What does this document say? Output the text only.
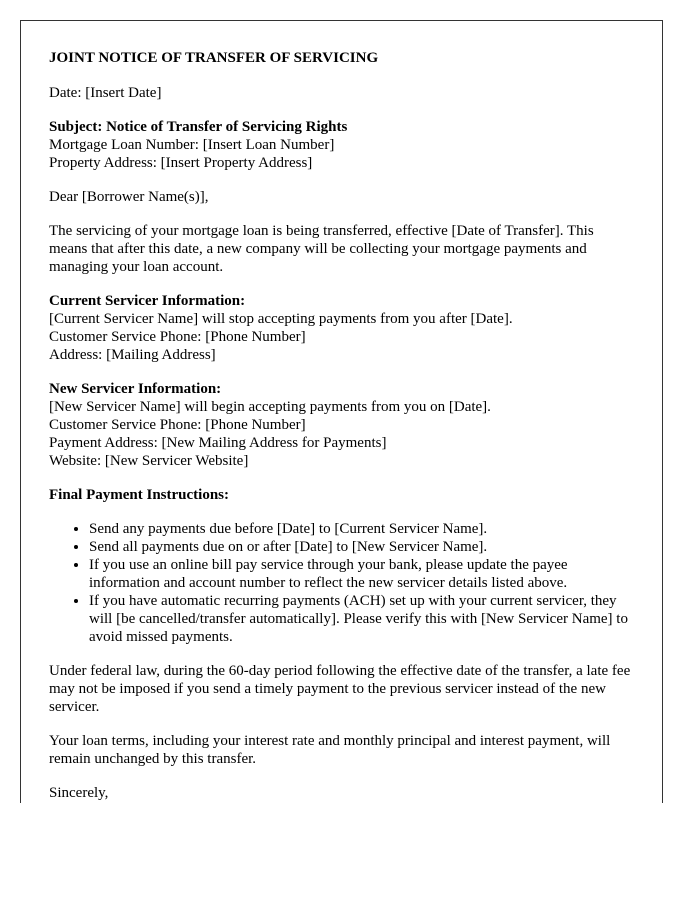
JOINT NOTICE OF TRANSFER OF SERVICING

Date: [Insert Date]

Subject: Notice of Transfer of Servicing Rights
Mortgage Loan Number: [Insert Loan Number]
Property Address: [Insert Property Address]

Dear [Borrower Name(s)],

The servicing of your mortgage loan is being transferred, effective [Date of Transfer]. This means that after this date, a new company will be collecting your mortgage payments and managing your loan account.

Current Servicer Information:
[Current Servicer Name] will stop accepting payments from you after [Date].
Customer Service Phone: [Phone Number]
Address: [Mailing Address]

New Servicer Information:
[New Servicer Name] will begin accepting payments from you on [Date].
Customer Service Phone: [Phone Number]
Payment Address: [New Mailing Address for Payments]
Website: [New Servicer Website]

Final Payment Instructions:

• Send any payments due before [Date] to [Current Servicer Name].
• Send all payments due on or after [Date] to [New Servicer Name].
• If you use an online bill pay service through your bank, please update the payee information and account number to reflect the new servicer details listed above.
• If you have automatic recurring payments (ACH) set up with your current servicer, they will [be cancelled/transfer automatically]. Please verify this with [New Servicer Name] to avoid missed payments.

Under federal law, during the 60-day period following the effective date of the transfer, a late fee may not be imposed if you send a timely payment to the previous servicer instead of the new servicer.

Your loan terms, including your interest rate and monthly principal and interest payment, will remain unchanged by this transfer.

Sincerely,
